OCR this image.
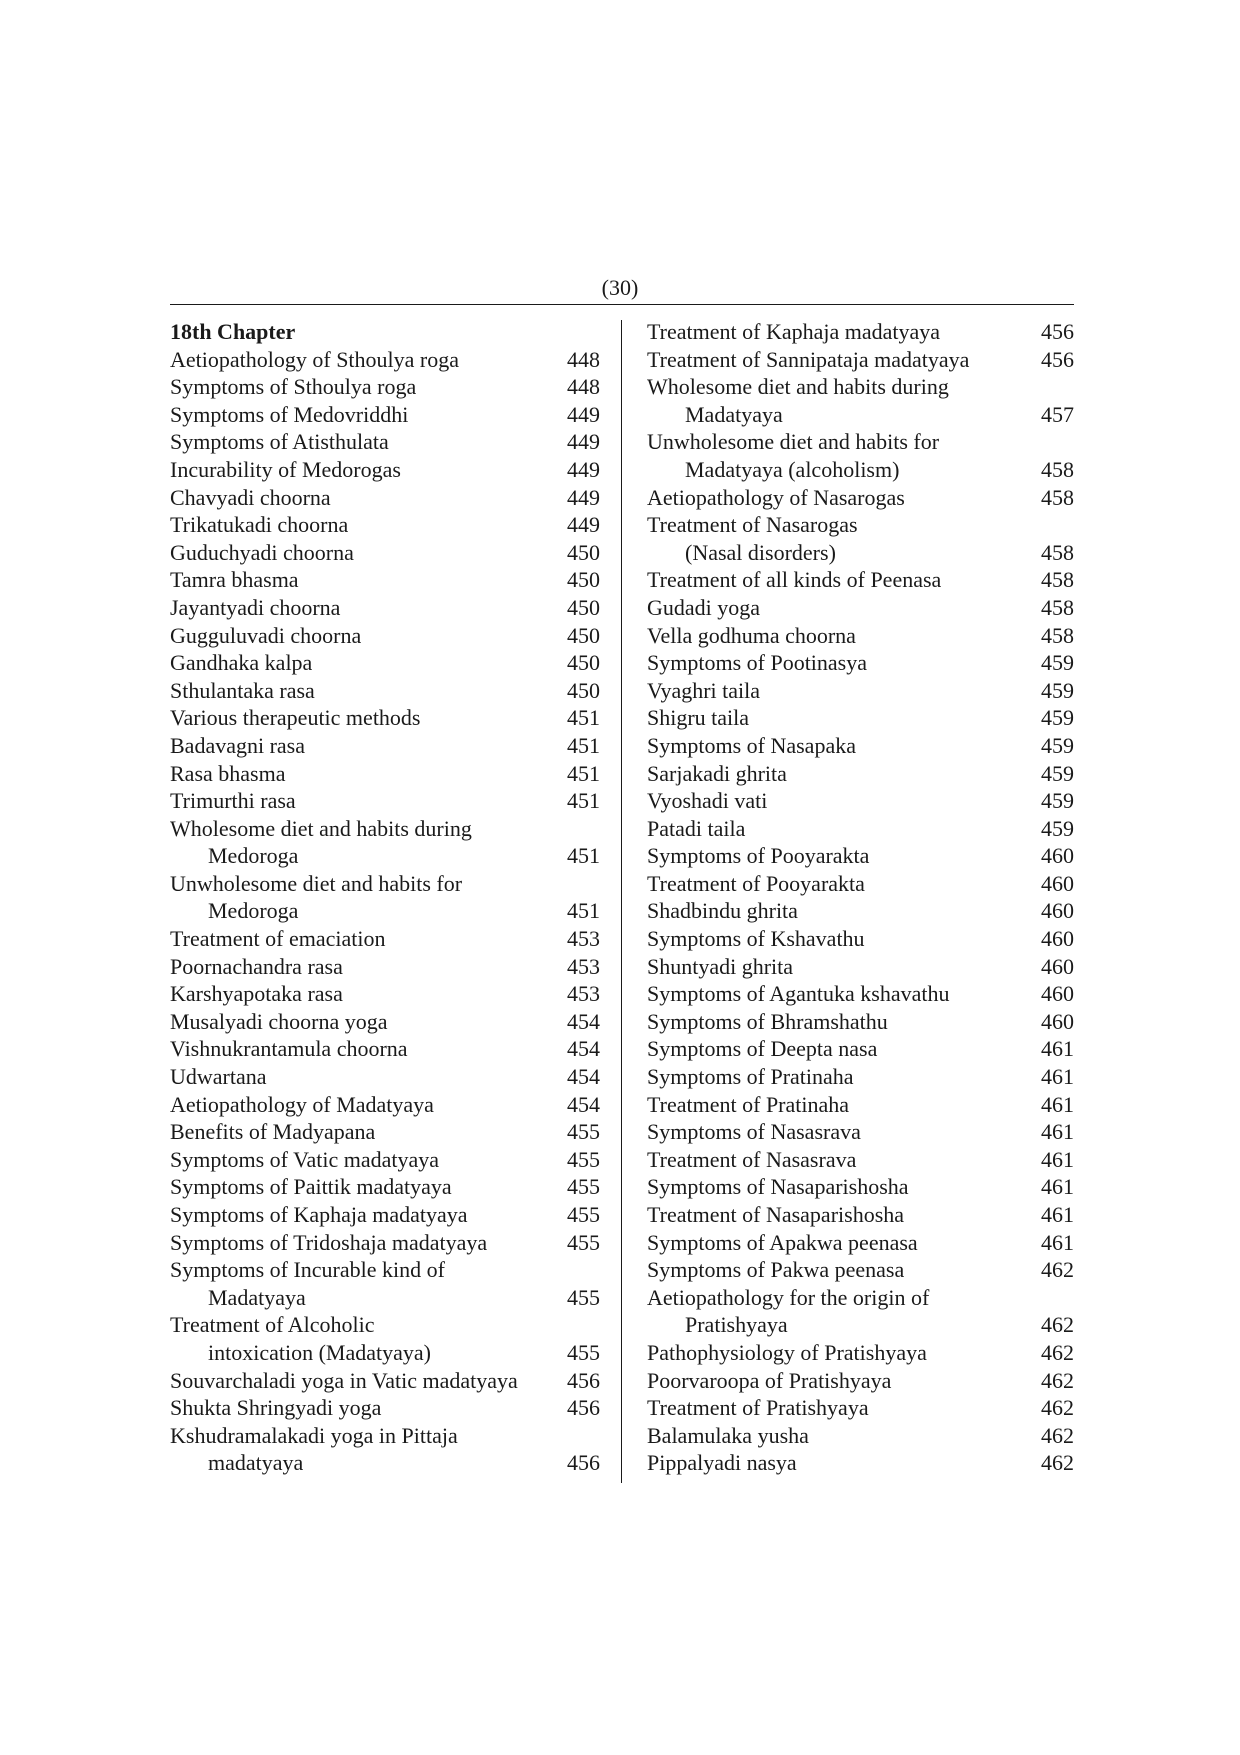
(30)
18th Chapter
Aetiopathology of Sthoulya roga	448
Symptoms of Sthoulya roga	448
Symptoms of Medovriddhi	449
Symptoms of Atisthulata	449
Incurability of Medorogas	449
Chavyadi choorna	449
Trikatukadi choorna	449
Guduchyadi choorna	450
Tamra bhasma	450
Jayantyadi choorna	450
Gugguluvadi choorna	450
Gandhaka kalpa	450
Sthulantaka rasa	450
Various therapeutic methods	451
Badavagni rasa	451
Rasa bhasma	451
Trimurthi rasa	451
Wholesome diet and habits during
Medoroga	451
Unwholesome diet and habits for
Medoroga	451
Treatment of emaciation	453
Poornachandra rasa	453
Karshyapotaka rasa	453
Musalyadi choorna yoga	454
Vishnukrantamula choorna	454
Udwartana	454
Aetiopathology of Madatyaya	454
Benefits of Madyapana	455
Symptoms of Vatic madatyaya	455
Symptoms of Paittik madatyaya	455
Symptoms of Kaphaja madatyaya	455
Symptoms of Tridoshaja madatyaya	455
Symptoms of Incurable kind of
Madatyaya	455
Treatment of Alcoholic
intoxication (Madatyaya)	455
Souvarchaladi yoga in Vatic madatyaya 456
Shukta Shringyadi yoga	456
Kshudramalakadi yoga in Pittaja
madatyaya	456
Treatment of Kaphaja madatyaya	456
Treatment of Sannipataja madatyaya	456
Wholesome diet and habits during
Madatyaya	457
Unwholesome diet and habits for
Madatyaya (alcoholism)	458
Aetiopathology of Nasarogas	458
Treatment of Nasarogas
(Nasal disorders)	458
Treatment of all kinds of Peenasa	458
Gudadi yoga	458
Vella godhuma choorna	458
Symptoms of Pootinasya	459
Vyaghri taila	459
Shigru taila	459
Symptoms of Nasapaka	459
Sarjakadi ghrita	459
Vyoshadi vati	459
Patadi taila	459
Symptoms of Pooyarakta	460
Treatment of Pooyarakta	460
Shadbindu ghrita	460
Symptoms of Kshavathu	460
Shuntyadi ghrita	460
Symptoms of Agantuka kshavathu	460
Symptoms of Bhramshathu	460
Symptoms of Deepta nasa	461
Symptoms of Pratinaha	461
Treatment of Pratinaha	461
Symptoms of Nasasrava	461
Treatment of Nasasrava	461
Symptoms of Nasaparishosha	461
Treatment of Nasaparishosha	461
Symptoms of Apakwa peenasa	461
Symptoms of Pakwa peenasa	462
Aetiopathology for the origin of
Pratishyaya	462
Pathophysiology of Pratishyaya	462
Poorvaroopa of Pratishyaya	462
Treatment of Pratishyaya	462
Balamulaka yusha	462
Pippalyadi nasya	462
